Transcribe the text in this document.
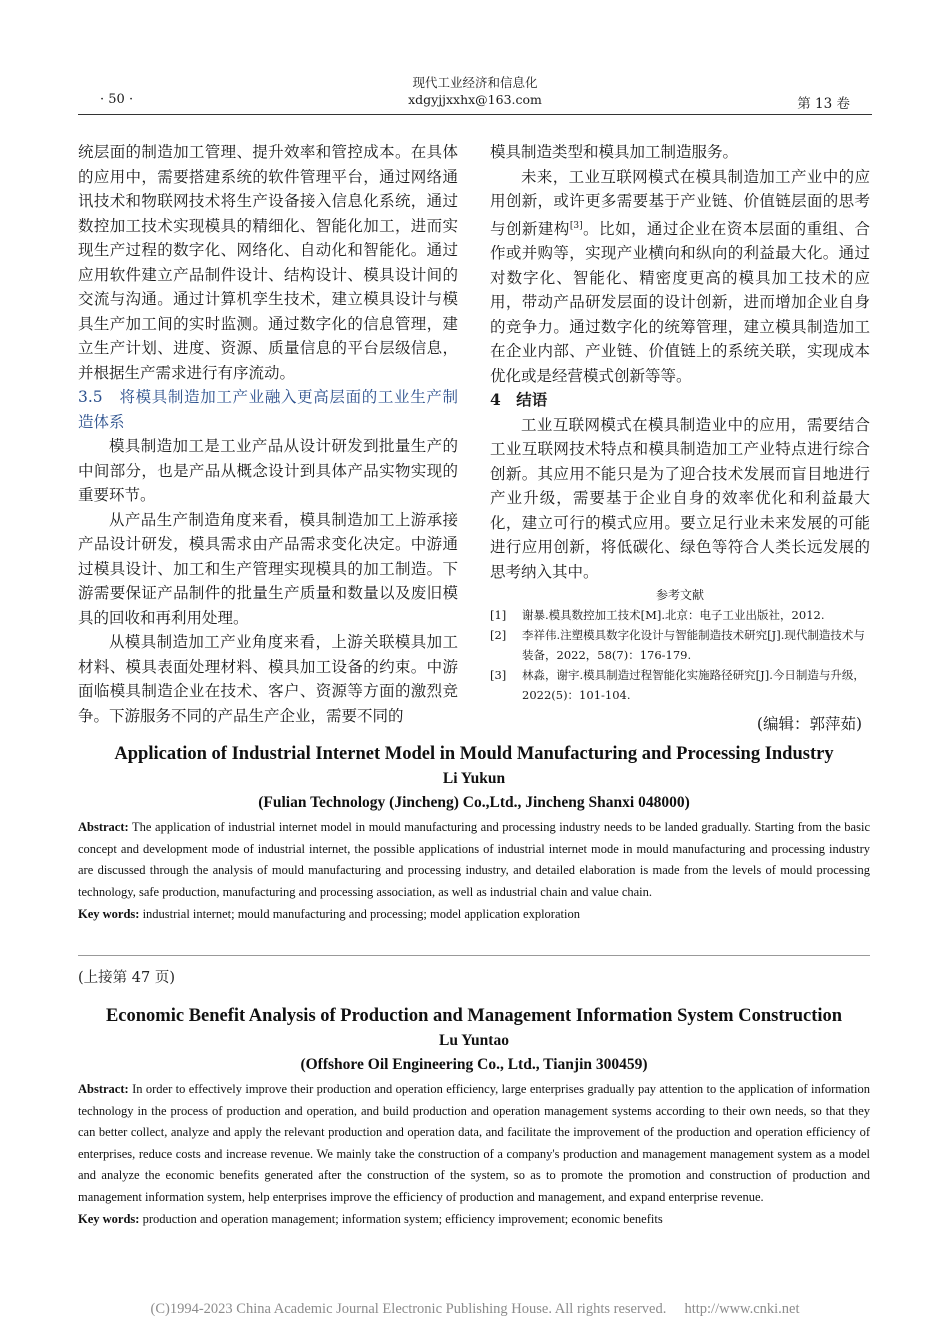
· 50 ·
现代工业经济和信息化
xdgyjjxxhx@163.com	第 13 卷

统层面的制造加工管理、提升效率和管控成本。在具体的应用中，需要搭建系统的软件管理平台，通过网络通讯技术和物联网技术将生产设备接入信息化系统，通过数控加工技术实现模具的精细化、智能化加工，进而实现生产过程的数字化、网络化、自动化和智能化。通过应用软件建立产品制件设计、结构设计、模具设计间的交流与沟通。通过计算机孪生技术，建立模具设计与模具生产加工间的实时监测。通过数字化的信息管理，建立生产计划、进度、资源、质量信息的平台层级信息，并根据生产需求进行有序流动。

3.5　将模具制造加工产业融入更高层面的工业生产制造体系

模具制造加工是工业产品从设计研发到批量生产的中间部分，也是产品从概念设计到具体产品实物实现的重要环节。

从产品生产制造角度来看，模具制造加工上游承接产品设计研发，模具需求由产品需求变化决定。中游通过模具设计、加工和生产管理实现模具的加工制造。下游需要保证产品制件的批量生产质量和数量以及废旧模具的回收和再利用处理。

从模具制造加工产业角度来看，上游关联模具加工材料、模具表面处理材料、模具加工设备的约束。中游面临模具制造企业在技术、客户、资源等方面的激烈竞争。下游服务不同的产品生产企业，需要不同的

模具制造类型和模具加工制造服务。

未来，工业互联网模式在模具制造加工产业中的应用创新，或许更多需要基于产业链、价值链层面的思考与创新建构[3]。比如，通过企业在资本层面的重组、合作或并购等，实现产业横向和纵向的利益最大化。通过对数字化、智能化、精密度更高的模具加工技术的应用，带动产品研发层面的设计创新，进而增加企业自身的竞争力。通过数字化的统筹管理，建立模具制造加工在企业内部、产业链、价值链上的系统关联，实现成本优化或是经营模式创新等等。

4　结语

工业互联网模式在模具制造业中的应用，需要结合工业互联网技术特点和模具制造加工产业特点进行综合创新。其应用不能只是为了迎合技术发展而盲目地进行产业升级，需要基于企业自身的效率优化和利益最大化，建立可行的模式应用。要立足行业未来发展的可能进行应用创新，将低碳化、绿色等符合人类长远发展的思考纳入其中。

参考文献
[1]	谢暴.模具数控加工技术[M].北京：电子工业出版社，2012.
[2]	李祥伟.注塑模具数字化设计与智能制造技术研究[J].现代制造技术与装备，2022，58(7)：176-179.
[3]	林淼，谢宇.模具制造过程智能化实施路径研究[J].今日制造与升级，2022(5)：101-104.
(编辑：郭萍茹)
Application of Industrial Internet Model in Mould Manufacturing and Processing Industry
Li Yukun
(Fulian Technology (Jincheng) Co.,Ltd., Jincheng Shanxi 048000)
Abstract: The application of industrial internet model in mould manufacturing and processing industry needs to be landed gradually. Starting from the basic concept and development mode of industrial internet, the possible applications of industrial internet mode in mould manufacturing and processing industry are discussed through the analysis of mould manufacturing and processing industry, and detailed elaboration is made from the levels of mould processing technology, safe production, manufacturing and processing association, as well as industrial chain and value chain.
Key words: industrial internet; mould manufacturing and processing; model application exploration
(上接第 47 页)
Economic Benefit Analysis of Production and Management Information System Construction
Lu Yuntao
(Offshore Oil Engineering Co., Ltd., Tianjin 300459)
Abstract: In order to effectively improve their production and operation efficiency, large enterprises gradually pay attention to the application of information technology in the process of production and operation, and build production and operation management systems according to their own needs, so that they can better collect, analyze and apply the relevant production and operation data, and facilitate the improvement of the production and operation efficiency of enterprises, reduce costs and increase revenue. We mainly take the construction of a company's production and management management system as a model and analyze the economic benefits generated after the construction of the system, so as to promote the promotion and construction of production and management information system, help enterprises improve the efficiency of production and management, and expand enterprise revenue.
Key words: production and operation management; information system; efficiency improvement; economic benefits
(C)1994-2023 China Academic Journal Electronic Publishing House. All rights reserved.　 http://www.cnki.net
